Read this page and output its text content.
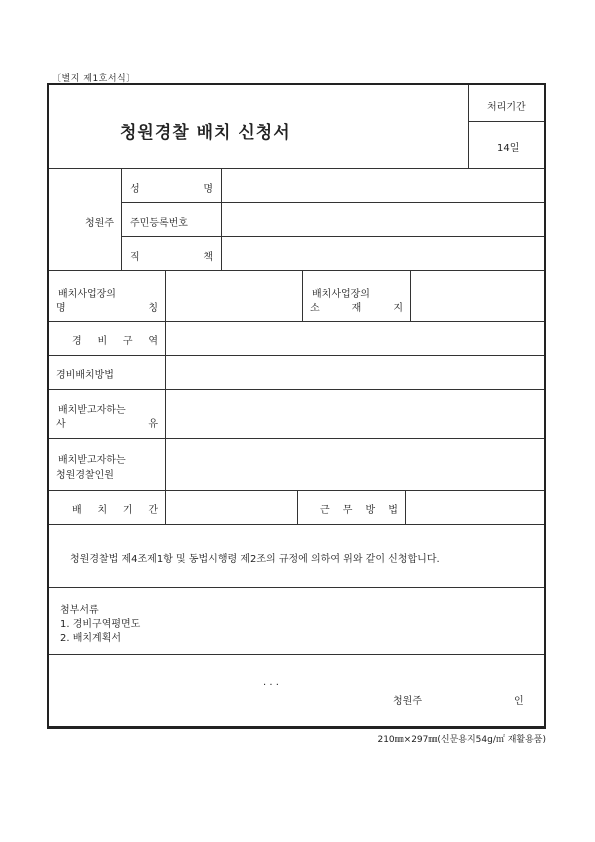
〔별지 제1호서식〕
청원경찰 배치 신청서
처리기간
14일
청원주
성	명
주민등록번호
직	책
배치사업장의
명	칭
배치사업장의
소	재	지
경 비 구 역
경비배치방법
배치받고자하는
사	유
배치받고자하는
청원경찰인원
배 치 기 간	근 무 방 법
청원경찰법 제4조제1항 및 동법시행령 제2조의 규정에 의하여 위와 같이 신청합니다.
첨부서류
1. 경비구역평면도
2. 배치계획서
. . .
청원주	인
210㎜×297㎜(신문용지54g/㎡ 재활용품)
